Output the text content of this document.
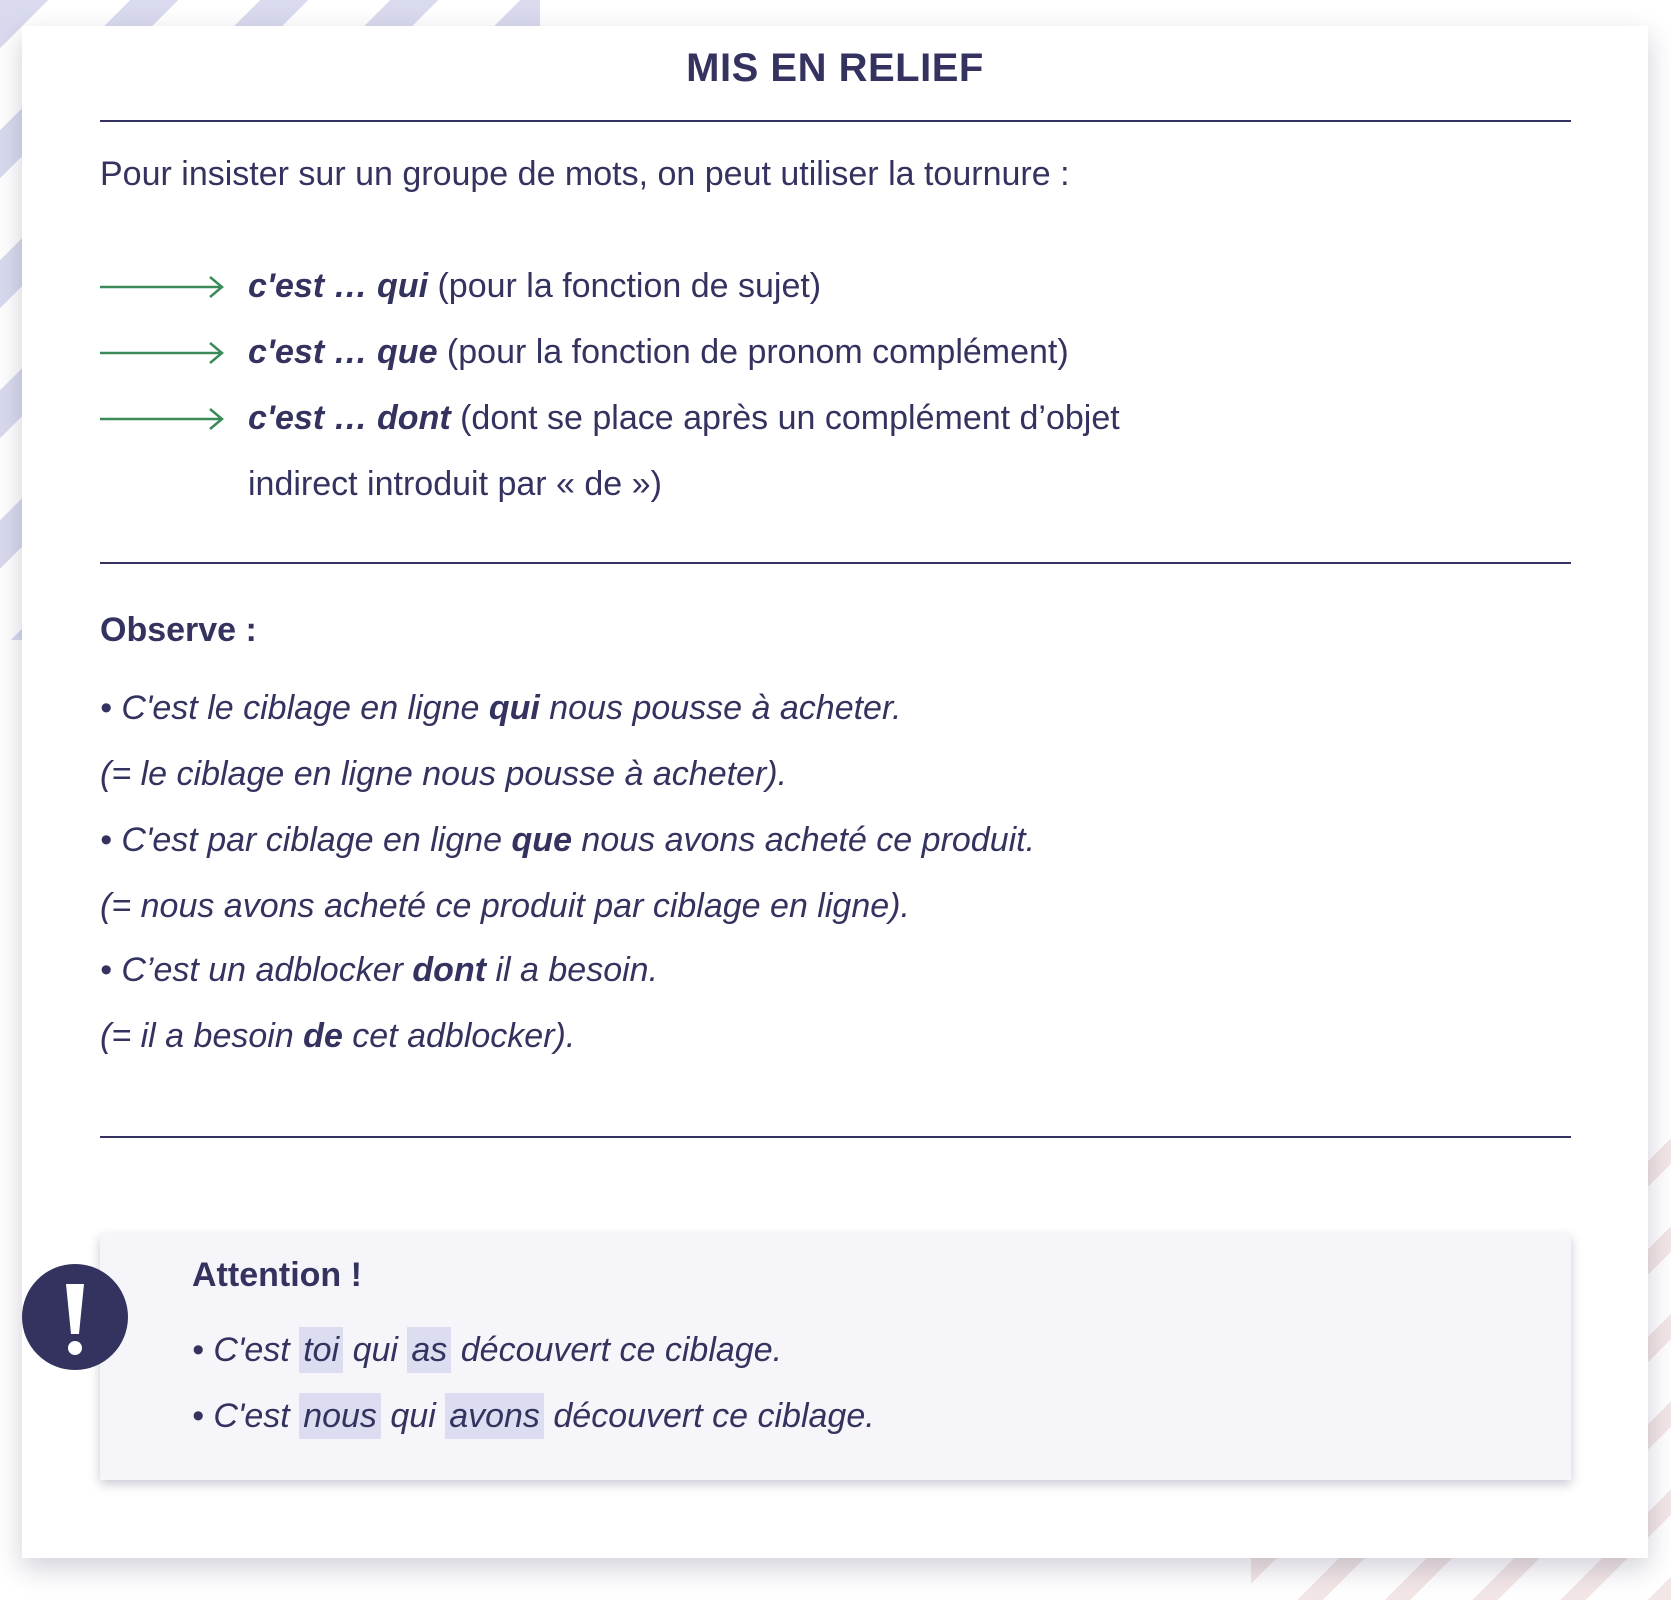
MIS EN RELIEF
Pour insister sur un groupe de mots, on peut utiliser la tournure :
c'est … qui (pour la fonction de sujet)
c'est … que (pour la fonction de pronom complément)
c'est … dont (dont se place après un complément d’objet
indirect introduit par « de »)
Observe :
• C'est le ciblage en ligne qui nous pousse à acheter.
(= le ciblage en ligne nous pousse à acheter).
• C'est par ciblage en ligne que nous avons acheté ce produit.
(= nous avons acheté ce produit par ciblage en ligne).
• C’est un adblocker dont il a besoin.
(= il a besoin de cet adblocker).
Attention !
• C'est toi qui as découvert ce ciblage.
• C'est nous qui avons découvert ce ciblage.
